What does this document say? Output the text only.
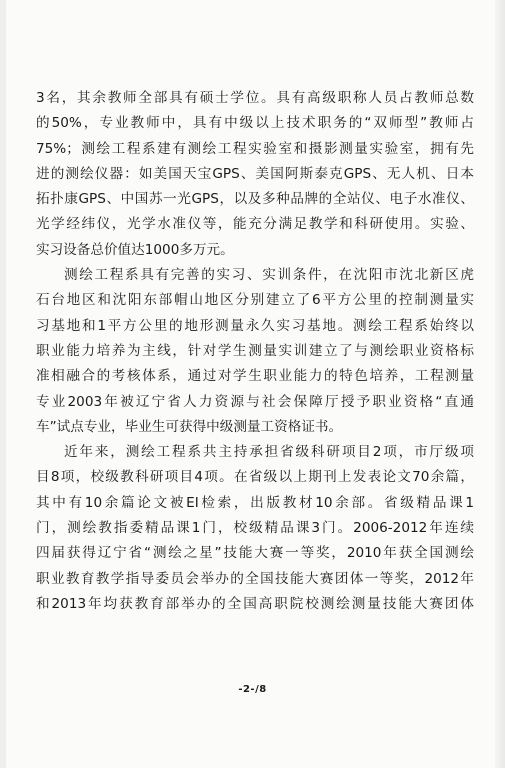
3名，其余教师全部具有硕士学位。具有高级职称人员占教师总数
的50%，专业教师中，具有中级以上技术职务的“双师型”教师占
75%；测绘工程系建有测绘工程实验室和摄影测量实验室，拥有先
进的测绘仪器：如美国天宝GPS、美国阿斯泰克GPS、无人机、日本
拓扑康GPS、中国苏一光GPS，以及多种品牌的全站仪、电子水准仪、
光学经纬仪，光学水准仪等，能充分满足教学和科研使用。实验、
实习设备总价值达1000多万元。
测绘工程系具有完善的实习、实训条件，在沈阳市沈北新区虎
石台地区和沈阳东部帽山地区分别建立了6平方公里的控制测量实
习基地和1平方公里的地形测量永久实习基地。测绘工程系始终以
职业能力培养为主线，针对学生测量实训建立了与测绘职业资格标
准相融合的考核体系，通过对学生职业能力的特色培养，工程测量
专业2003年被辽宁省人力资源与社会保障厅授予职业资格“直通
车”试点专业，毕业生可获得中级测量工资格证书。
近年来，测绘工程系共主持承担省级科研项目2项，市厅级项
目8项，校级教科研项目4项。在省级以上期刊上发表论文70余篇，
其中有10余篇论文被EI检索，出版教材10余部。省级精品课1
门，测绘教指委精品课1门，校级精品课3门。2006-2012年连续
四届获得辽宁省“测绘之星”技能大赛一等奖，2010年获全国测绘
职业教育教学指导委员会举办的全国技能大赛团体一等奖，2012年
和2013年均获教育部举办的全国高职院校测绘测量技能大赛团体
-2-/8
